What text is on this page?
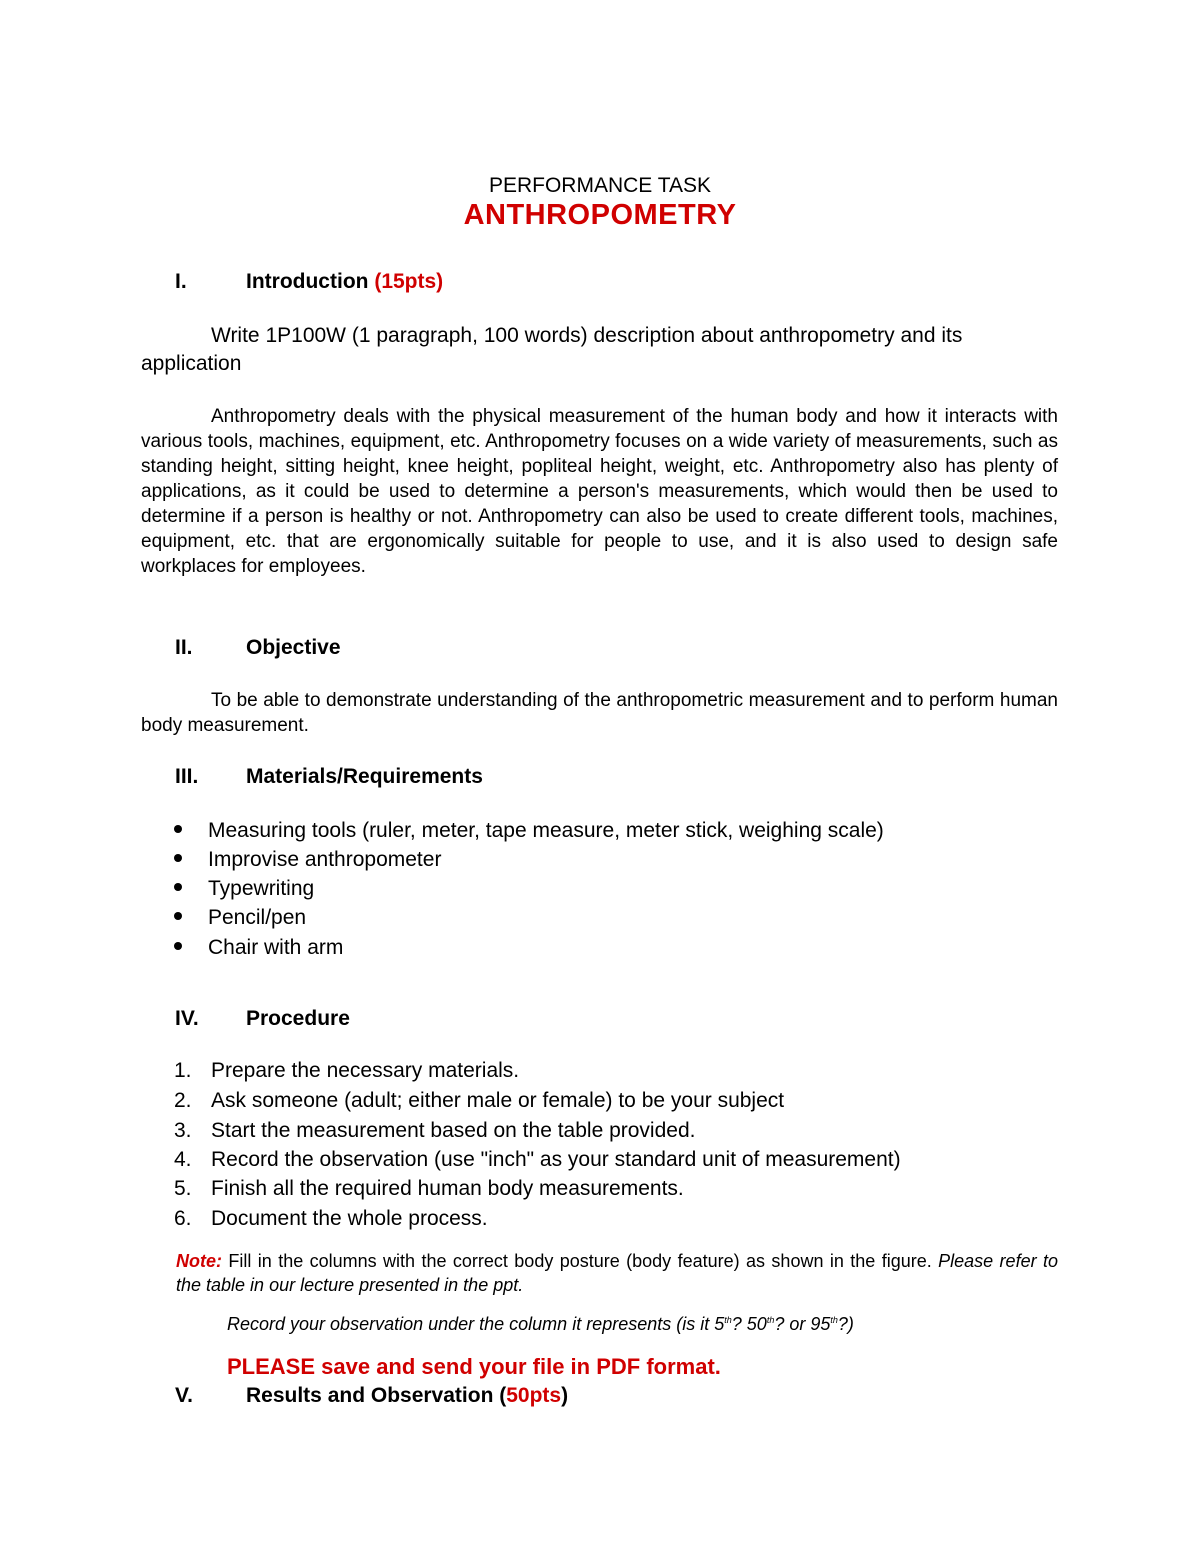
PERFORMANCE TASK
ANTHROPOMETRY
I.	Introduction (15pts)
Write 1P100W (1 paragraph, 100 words) description about anthropometry and its application
Anthropometry deals with the physical measurement of the human body and how it interacts with various tools, machines, equipment, etc. Anthropometry focuses on a wide variety of measurements, such as standing height, sitting height, knee height, popliteal height, weight, etc. Anthropometry also has plenty of applications, as it could be used to determine a person's measurements, which would then be used to determine if a person is healthy or not. Anthropometry can also be used to create different tools, machines, equipment, etc. that are ergonomically suitable for people to use, and it is also used to design safe workplaces for employees.
II.	Objective
To be able to demonstrate understanding of the anthropometric measurement and to perform human body measurement.
III. Materials/Requirements
Measuring tools (ruler, meter, tape measure, meter stick, weighing scale)
Improvise anthropometer
Typewriting
Pencil/pen
Chair with arm
IV. Procedure
1. Prepare the necessary materials.
2. Ask someone (adult; either male or female) to be your subject
3. Start the measurement based on the table provided.
4. Record the observation (use "inch" as your standard unit of measurement)
5. Finish all the required human body measurements.
6. Document the whole process.
Note: Fill in the columns with the correct body posture (body feature) as shown in the figure. Please refer to the table in our lecture presented in the ppt.
Record your observation under the column it represents (is it 5th? 50th? or 95th?)
PLEASE save and send your file in PDF format.
V.	Results and Observation (50pts)
